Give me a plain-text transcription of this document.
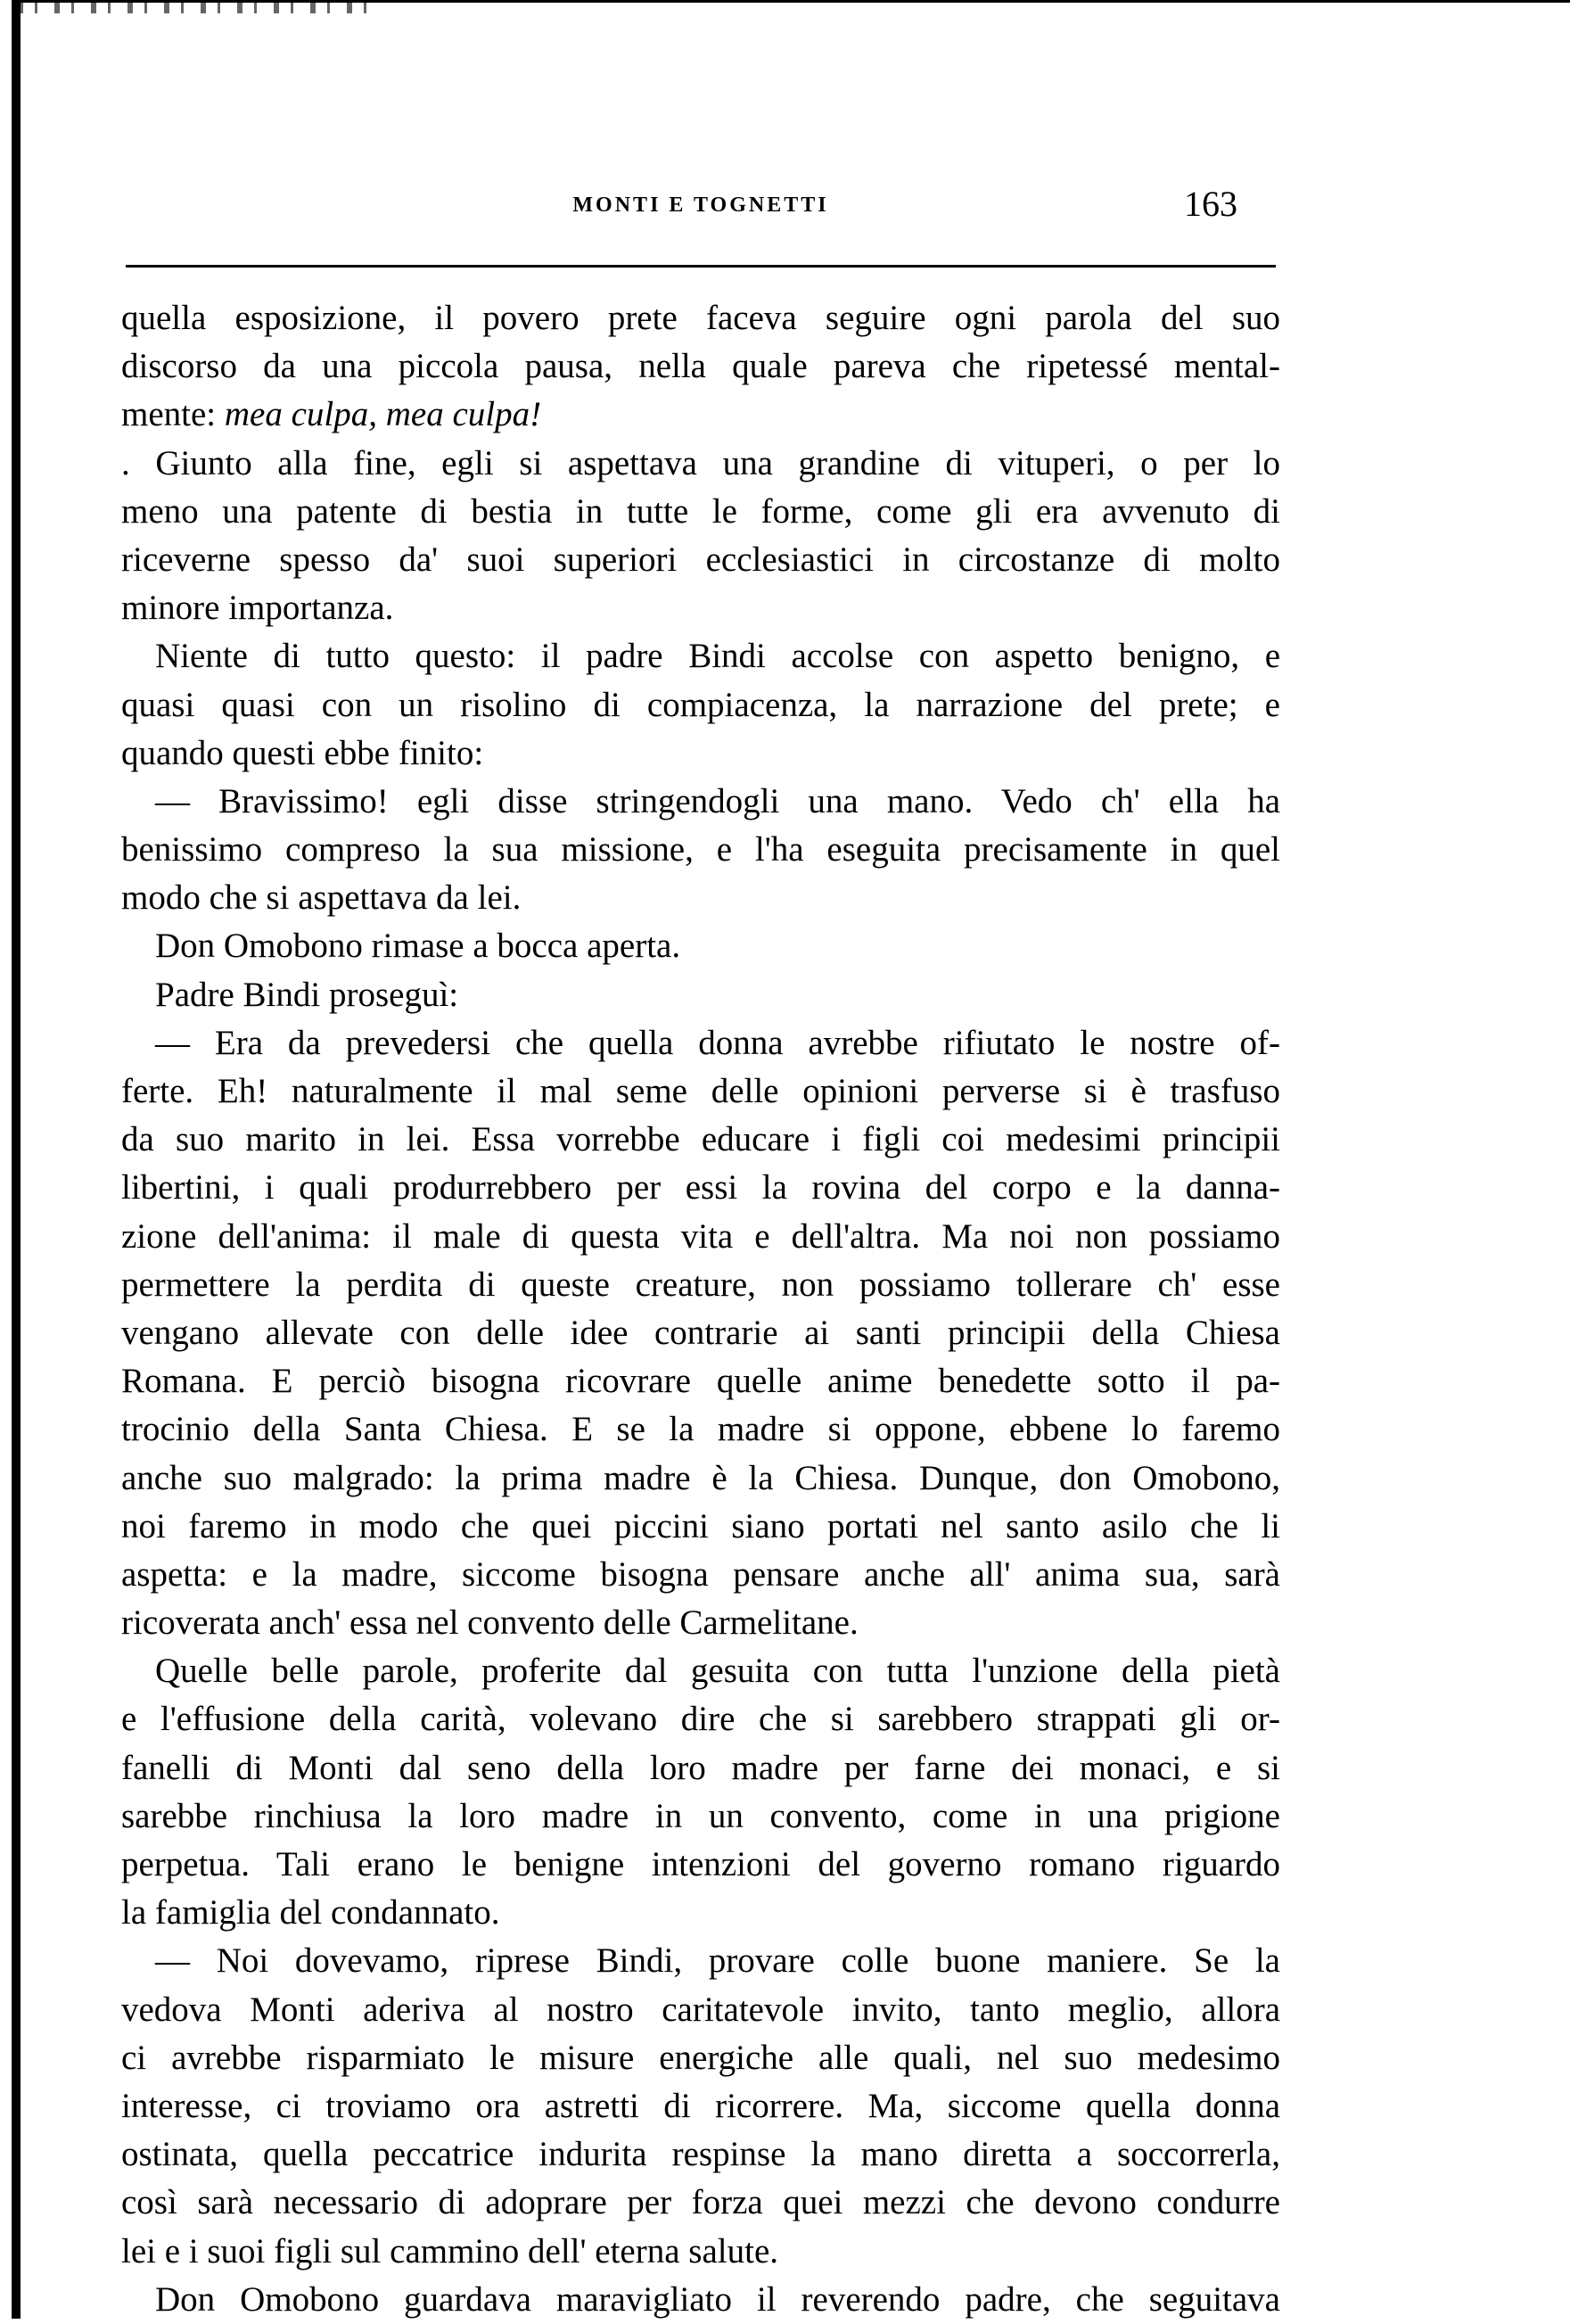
MONTI E TOGNETTI	163
quella esposizione, il povero prete faceva seguire ogni parola del suo
discorso da una piccola pausa, nella quale pareva che ripetessé mental-
mente: mea culpa, mea culpa!
. Giunto alla fine, egli si aspettava una grandine di vituperi, o per lo
meno una patente di bestia in tutte le forme, come gli era avvenuto di
riceverne spesso da' suoi superiori ecclesiastici in circostanze di molto
minore importanza.
Niente di tutto questo: il padre Bindi accolse con aspetto benigno, e
quasi quasi con un risolino di compiacenza, la narrazione del prete; e
quando questi ebbe finito:
— Bravissimo! egli disse stringendogli una mano. Vedo ch' ella ha
benissimo compreso la sua missione, e l'ha eseguita precisamente in quel
modo che si aspettava da lei.
Don Omobono rimase a bocca aperta.
Padre Bindi proseguì:
— Era da prevedersi che quella donna avrebbe rifiutato le nostre of-
ferte. Eh! naturalmente il mal seme delle opinioni perverse si è trasfuso
da suo marito in lei. Essa vorrebbe educare i figli coi medesimi principii
libertini, i quali produrrebbero per essi la rovina del corpo e la danna-
zione dell'anima: il male di questa vita e dell'altra. Ma noi non possiamo
permettere la perdita di queste creature, non possiamo tollerare ch' esse
vengano allevate con delle idee contrarie ai santi principii della Chiesa
Romana. E perciò bisogna ricovrare quelle anime benedette sotto il pa-
trocinio della Santa Chiesa. E se la madre si oppone, ebbene lo faremo
anche suo malgrado: la prima madre è la Chiesa. Dunque, don Omobono,
noi faremo in modo che quei piccini siano portati nel santo asilo che li
aspetta: e la madre, siccome bisogna pensare anche all' anima sua, sarà
ricoverata anch' essa nel convento delle Carmelitane.
Quelle belle parole, proferite dal gesuita con tutta l'unzione della pietà
e l'effusione della carità, volevano dire che si sarebbero strappati gli or-
fanelli di Monti dal seno della loro madre per farne dei monaci, e si
sarebbe rinchiusa la loro madre in un convento, come in una prigione
perpetua. Tali erano le benigne intenzioni del governo romano riguardo
la famiglia del condannato.
— Noi dovevamo, riprese Bindi, provare colle buone maniere. Se la
vedova Monti aderiva al nostro caritatevole invito, tanto meglio, allora
ci avrebbe risparmiato le misure energiche alle quali, nel suo medesimo
interesse, ci troviamo ora astretti di ricorrere. Ma, siccome quella donna
ostinata, quella peccatrice indurita respinse la mano diretta a soccorrerla,
così sarà necessario di adoprare per forza quei mezzi che devono condurre
lei e i suoi figli sul cammino dell' eterna salute.
Don Omobono guardava maravigliato il reverendo padre, che seguitava
